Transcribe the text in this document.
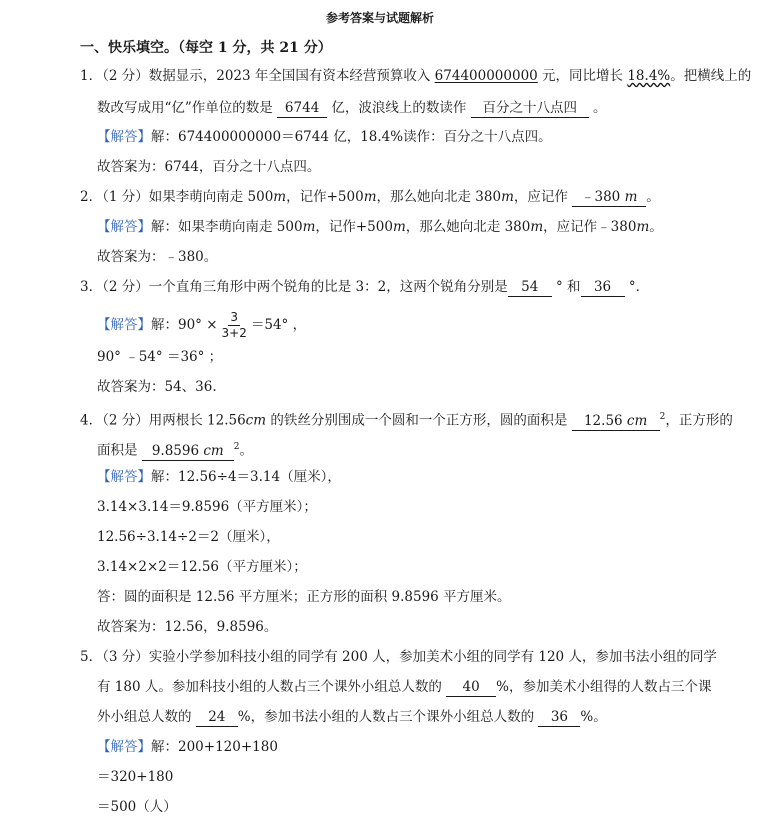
参考答案与试题解析
一、快乐填空。（每空 1 分，共 21 分）
1．（2 分）数据显示，2023 年全国国有资本经营预算收入 674400000000 元，同比增长 18.4%。把横线上的
数改写成用“亿”作单位的数是 6744 亿，波浪线上的数读作 百分之十八点四 。
【解答】解：674400000000＝6744 亿，18.4%读作：百分之十八点四。
故答案为：6744，百分之十八点四。
2．（1 分）如果李萌向南走 500m，记作+500m，那么她向北走 380m，应记作 ﹣380 m 。
【解答】解：如果李萌向南走 500m，记作+500m，那么她向北走 380m，应记作﹣380m。
故答案为：﹣380。
3．（2 分）一个直角三角形中两个锐角的比是 3：2，这两个锐角分别是 54 ° 和 36 °．
【解答】解：$90^\circ \times \frac{3}{3+2} =54^\circ$ ，
90° ﹣54° ＝36° ；
故答案为：54、36.
4．（2 分）用两根长 12.56cm 的铁丝分别围成一个圆和一个正方形，圆的面积是 12.56 cm $^2$，正方形的
面积是 9.8596 cm $^2$。
【解答】解：12.56÷4＝3.14（厘米），
3.14×3.14＝9.8596（平方厘米）；
12.56÷3.14÷2＝2（厘米），
3.14×2×2＝12.56（平方厘米）；
答：圆的面积是 12.56 平方厘米；正方形的面积 9.8596 平方厘米。
故答案为：12.56，9.8596。
5．（3 分）实验小学参加科技小组的同学有 200 人，参加美术小组的同学有 120 人，参加书法小组的同学
有 180 人。参加科技小组的人数占三个课外小组总人数的 40 %，参加美术小组得的人数占三个课
外小组总人数的 24 %，参加书法小组的人数占三个课外小组总人数的 36 %。
【解答】解：200+120+180
＝320+180
＝500（人）
